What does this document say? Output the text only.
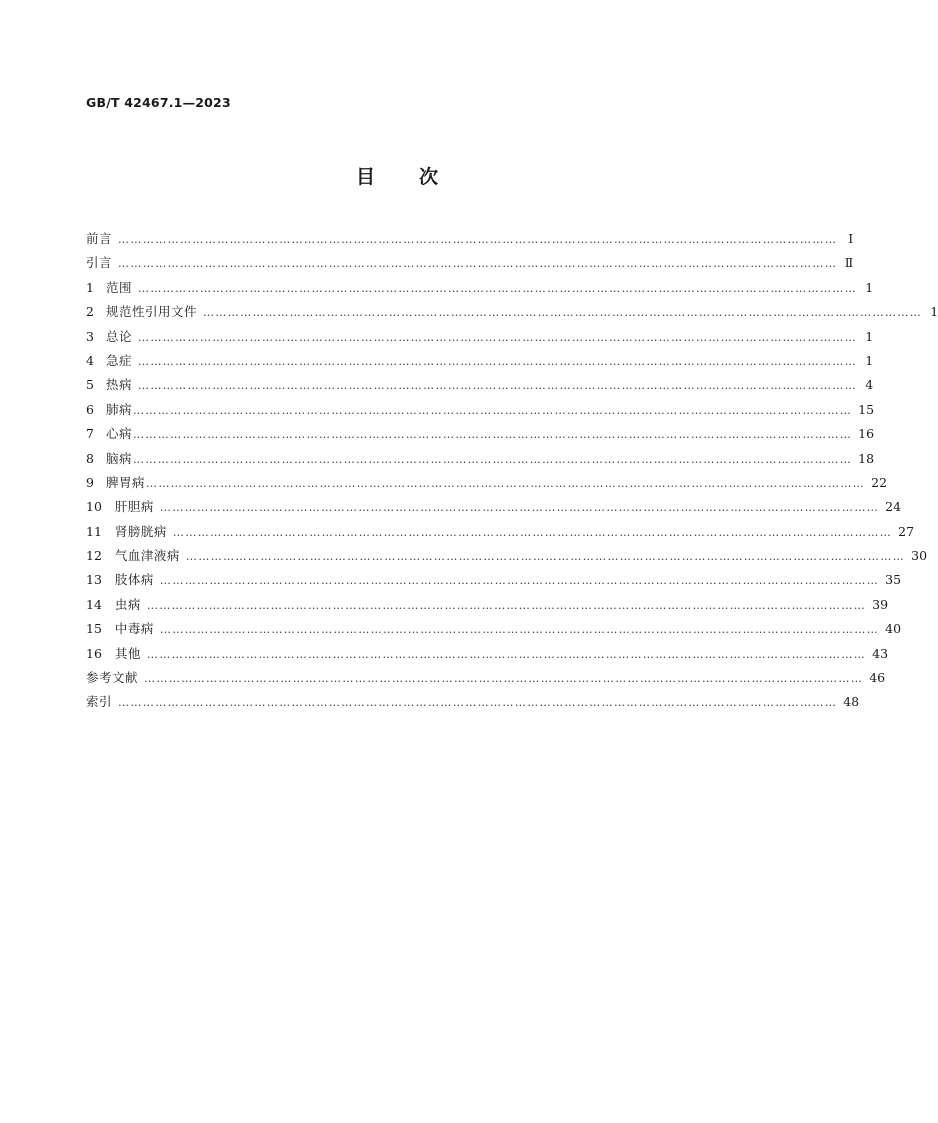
GB/T 42467.1—2023
目 次
前言 ………………………………………………………………………………………………………………………………………………………… Ⅰ
引言 ………………………………………………………………………………………………………………………………………………………… Ⅱ
1 范围 ………………………………………………………………………………………………………………………………………………………… 1
2 规范性引用文件 ………………………………………………………………………………………………………………………………………………………… 1
3 总论 ………………………………………………………………………………………………………………………………………………………… 1
4 急症 ………………………………………………………………………………………………………………………………………………………… 1
5 热病 ………………………………………………………………………………………………………………………………………………………… 4
6 肺病 ………………………………………………………………………………………………………………………………………………………… 15
7 心病 ………………………………………………………………………………………………………………………………………………………… 16
8 脑病 ………………………………………………………………………………………………………………………………………………………… 18
9 脾胃病 ………………………………………………………………………………………………………………………………………………………… 22
10 肝胆病 ………………………………………………………………………………………………………………………………………………………… 24
11 肾膀胱病 ………………………………………………………………………………………………………………………………………………………… 27
12 气血津液病 ………………………………………………………………………………………………………………………………………………………… 30
13 肢体病 ………………………………………………………………………………………………………………………………………………………… 35
14 虫病 ………………………………………………………………………………………………………………………………………………………… 39
15 中毒病 ………………………………………………………………………………………………………………………………………………………… 40
16 其他 ………………………………………………………………………………………………………………………………………………………… 43
参考文献 ………………………………………………………………………………………………………………………………………………………… 46
索引 ………………………………………………………………………………………………………………………………………………………… 48
